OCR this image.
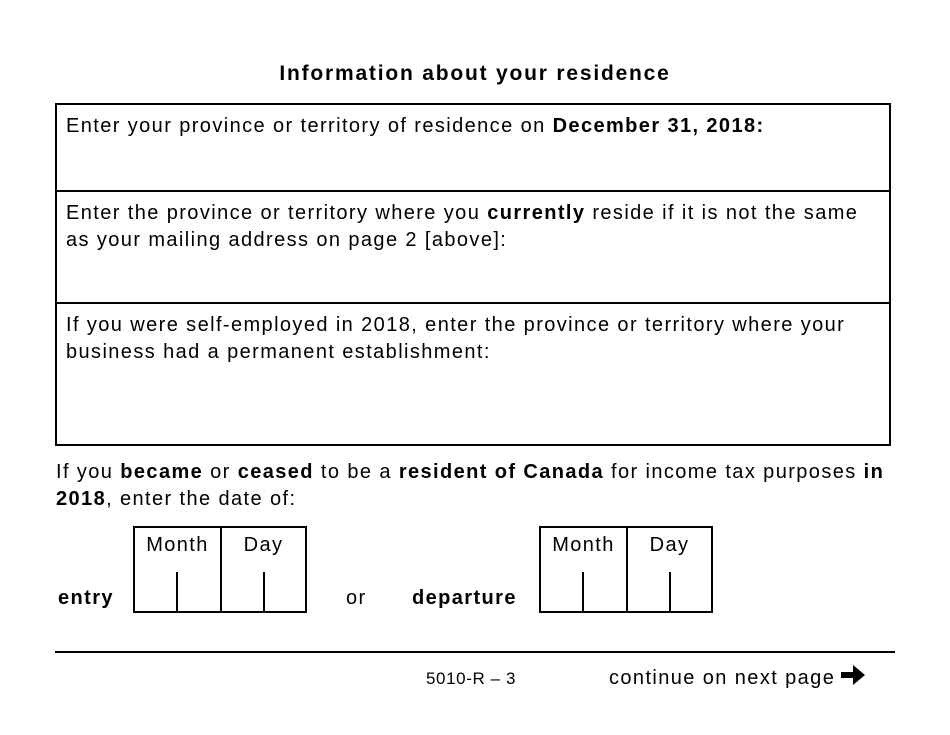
Information about your residence
Enter your province or territory of residence on December 31, 2018:
Enter the province or territory where you currently reside if it is not the same as your mailing address on page 2 [above]:
If you were self-employed in 2018, enter the province or territory where your business had a permanent establishment:
If you became or ceased to be a resident of Canada for income tax purposes in 2018, enter the date of:
entry
Month	Day
or departure
Month	Day
5010-R – 3	continue on next page
